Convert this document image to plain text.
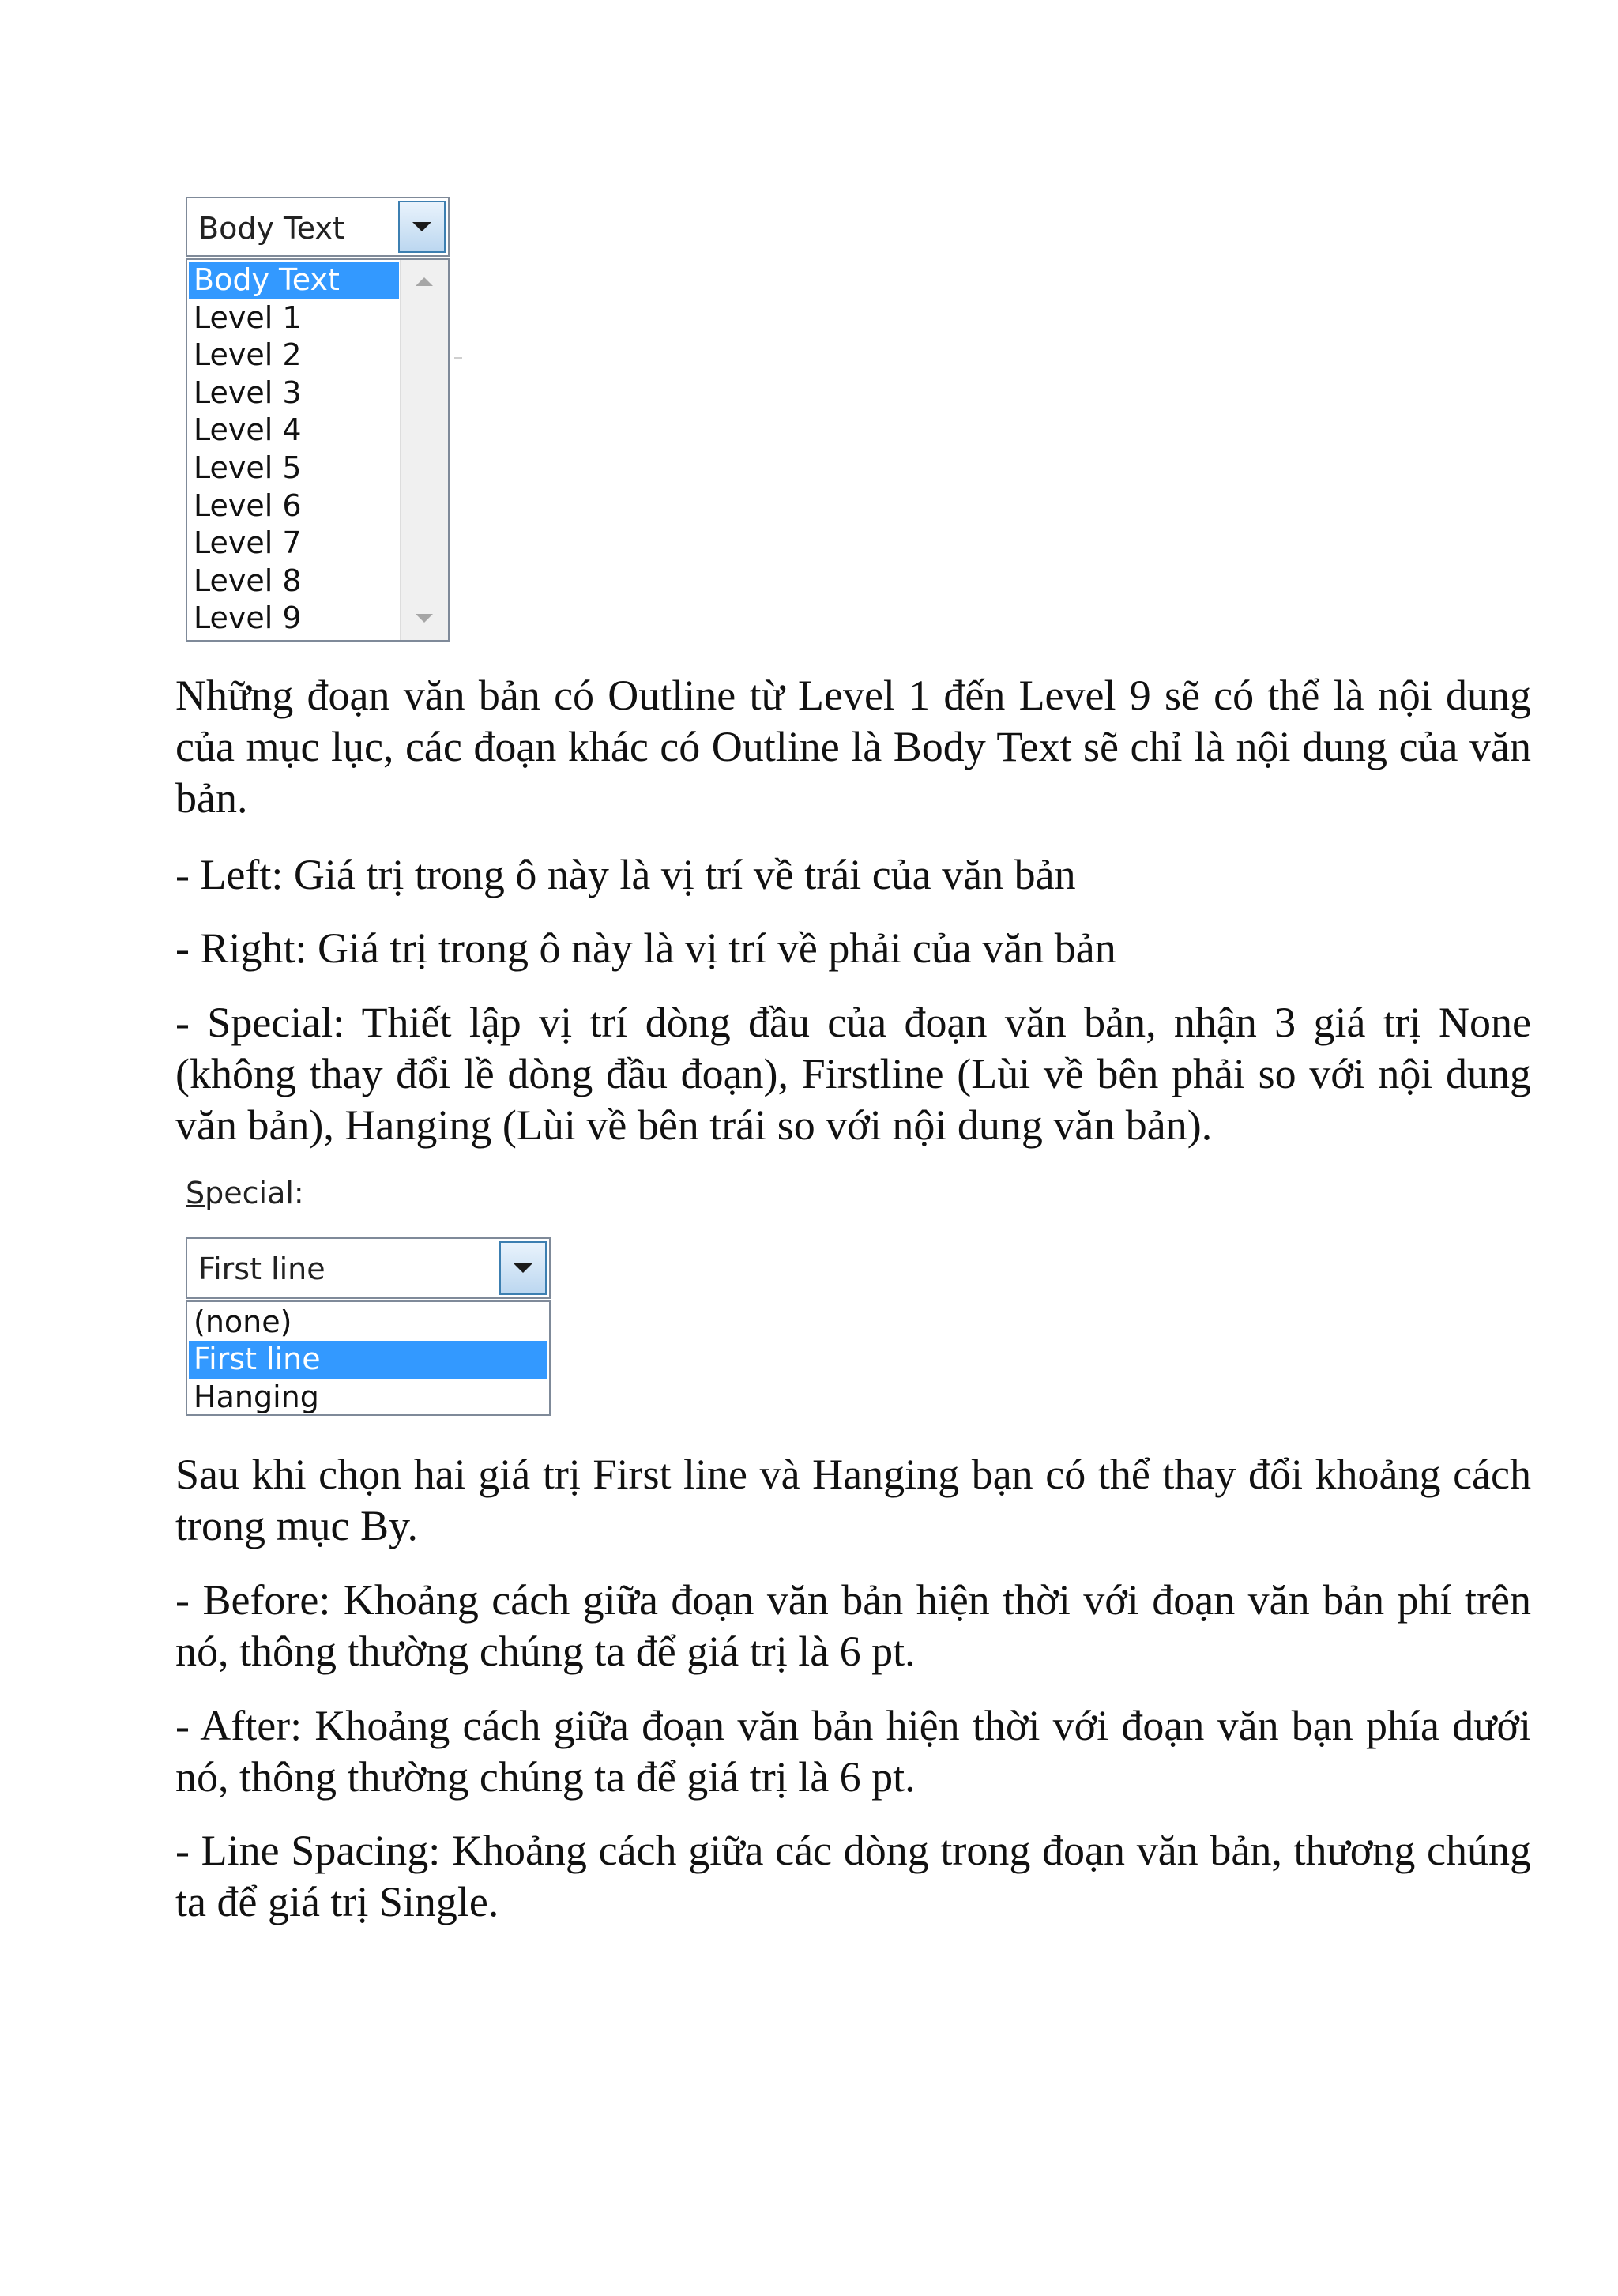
Body Text
Body Text
Level 1
Level 2
Level 3
Level 4
Level 5
Level 6
Level 7
Level 8
Level 9

Những đoạn văn bản có Outline từ Level 1 đến Level 9 sẽ có thể là nội dung của mục lục, các đoạn khác có Outline là Body Text sẽ chỉ là nội dung của văn bản.

- Left: Giá trị trong ô này là vị trí về trái của văn bản

- Right: Giá trị trong ô này là vị trí về phải của văn bản

- Special: Thiết lập vị trí dòng đầu của đoạn văn bản, nhận 3 giá trị None (không thay đổi lề dòng đầu đoạn), Firstline (Lùi về bên phải so với nội dung văn bản), Hanging (Lùi về bên trái so với nội dung văn bản).

Special:
First line
(none)
First line
Hanging

Sau khi chọn hai giá trị First line và Hanging bạn có thể thay đổi khoảng cách trong mục By.

- Before: Khoảng cách giữa đoạn văn bản hiện thời với đoạn văn bản phí trên nó, thông thường chúng ta để giá trị là 6 pt.

- After: Khoảng cách giữa đoạn văn bản hiện thời với đoạn văn bạn phía dưới nó, thông thường chúng ta để giá trị là 6 pt.

- Line Spacing: Khoảng cách giữa các dòng trong đoạn văn bản, thương chúng ta để giá trị Single.
